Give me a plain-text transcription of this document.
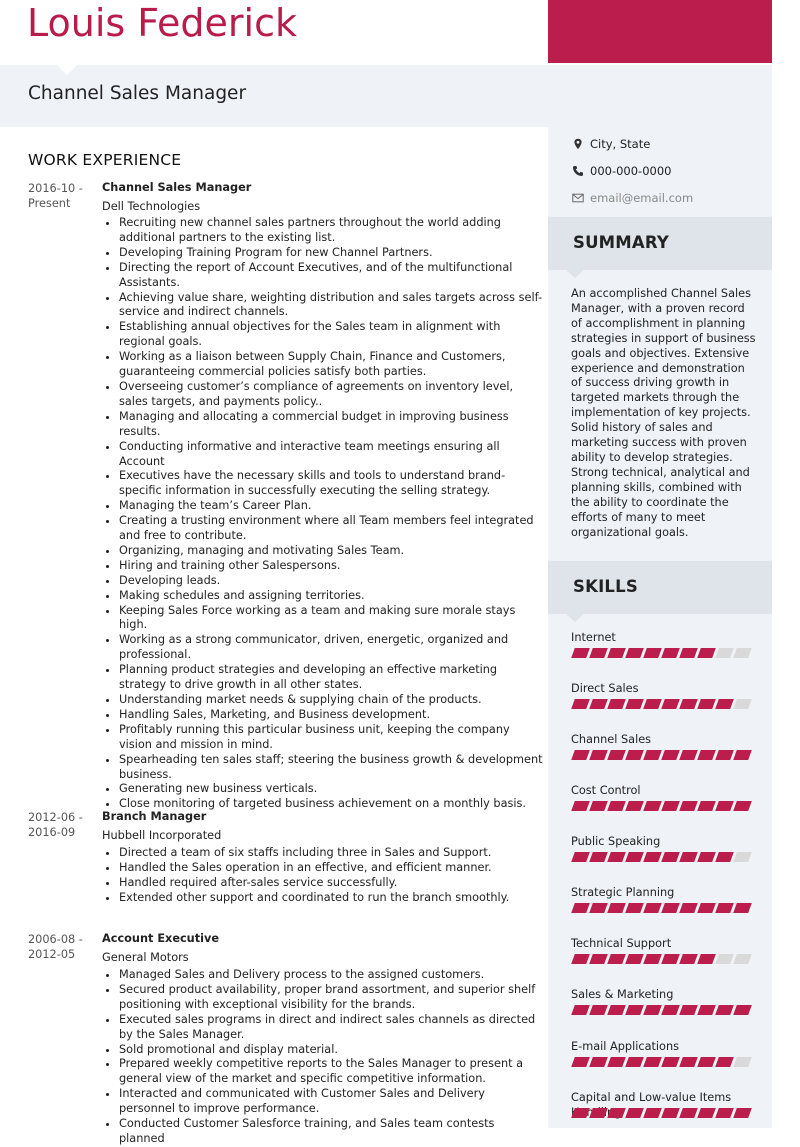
Louis Federick
Channel Sales Manager
City, State
000-000-0000
email@email.com
SUMMARY
An accomplished Channel Sales Manager, with a proven record of accomplishment in planning strategies in support of business goals and objectives. Extensive experience and demonstration of success driving growth in targeted markets through the implementation of key projects. Solid history of sales and marketing success with proven ability to develop strategies. Strong technical, analytical and planning skills, combined with the ability to coordinate the efforts of many to meet organizational goals.
SKILLS
Internet
Direct Sales
Channel Sales
Cost Control
Public Speaking
Strategic Planning
Technical Support
Sales & Marketing
E-mail Applications
Capital and Low-value Items
WORK EXPERIENCE
2016-10 - Present
Channel Sales Manager
Dell Technologies
• Recruiting new channel sales partners throughout the world adding additional partners to the existing list.
• Developing Training Program for new Channel Partners.
• Directing the report of Account Executives, and of the multifunctional Assistants.
• Achieving value share, weighting distribution and sales targets across self-service and indirect channels.
• Establishing annual objectives for the Sales team in alignment with regional goals.
• Working as a liaison between Supply Chain, Finance and Customers, guaranteeing commercial policies satisfy both parties.
• Overseeing customer’s compliance of agreements on inventory level, sales targets, and payments policy..
• Managing and allocating a commercial budget in improving business results.
• Conducting informative and interactive team meetings ensuring all Account
• Executives have the necessary skills and tools to understand brand-specific information in successfully executing the selling strategy.
• Managing the team’s Career Plan.
• Creating a trusting environment where all Team members feel integrated and free to contribute.
• Organizing, managing and motivating Sales Team.
• Hiring and training other Salespersons.
• Developing leads.
• Making schedules and assigning territories.
• Keeping Sales Force working as a team and making sure morale stays high.
• Working as a strong communicator, driven, energetic, organized and professional.
• Planning product strategies and developing an effective marketing strategy to drive growth in all other states.
• Understanding market needs & supplying chain of the products.
• Handling Sales, Marketing, and Business development.
• Profitably running this particular business unit, keeping the company vision and mission in mind.
• Spearheading ten sales staff; steering the business growth & development business.
• Generating new business verticals.
• Close monitoring of targeted business achievement on a monthly basis.
2012-06 - 2016-09
Branch Manager
Hubbell Incorporated
• Directed a team of six staffs including three in Sales and Support.
• Handled the Sales operation in an effective, and efficient manner.
• Handled required after-sales service successfully.
• Extended other support and coordinated to run the branch smoothly.
2006-08 - 2012-05
Account Executive
General Motors
• Managed Sales and Delivery process to the assigned customers.
• Secured product availability, proper brand assortment, and superior shelf positioning with exceptional visibility for the brands.
• Executed sales programs in direct and indirect sales channels as directed by the Sales Manager.
• Sold promotional and display material.
• Prepared weekly competitive reports to the Sales Manager to present a general view of the market and specific competitive information.
• Interacted and communicated with Customer Sales and Delivery personnel to improve performance.
• Conducted Customer Salesforce training, and Sales team contests planned
